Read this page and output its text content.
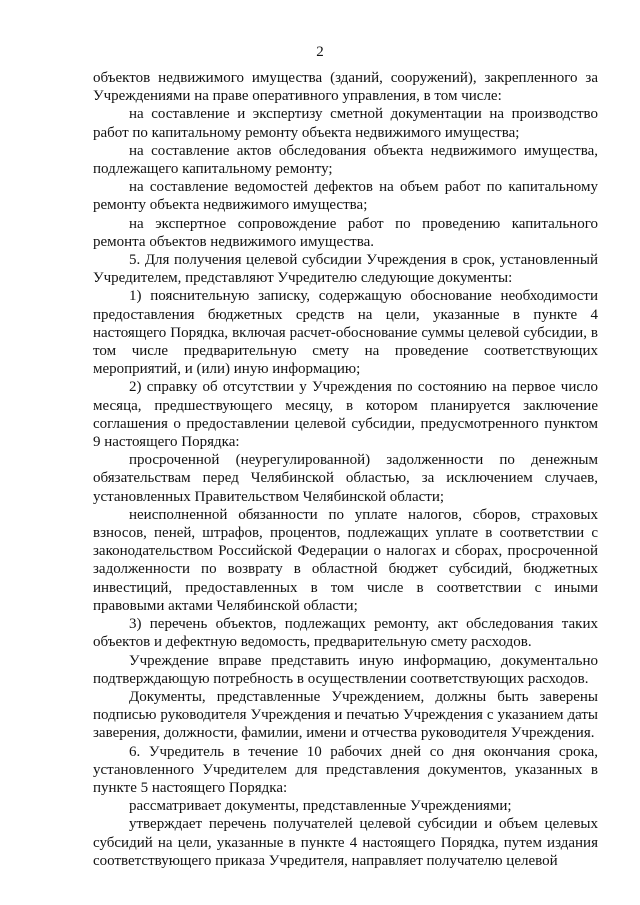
2

объектов недвижимого имущества (зданий, сооружений), закрепленного за Учреждениями на праве оперативного управления, в том числе:

на составление и экспертизу сметной документации на производство работ по капитальному ремонту объекта недвижимого имущества;

на составление актов обследования объекта недвижимого имущества, подлежащего капитальному ремонту;

на составление ведомостей дефектов на объем работ по капитальному ремонту объекта недвижимого имущества;

на экспертное сопровождение работ по проведению капитального ремонта объектов недвижимого имущества.

5. Для получения целевой субсидии Учреждения в срок, установленный Учредителем, представляют Учредителю следующие документы:

1) пояснительную записку, содержащую обоснование необходимости предоставления бюджетных средств на цели, указанные в пункте 4 настоящего Порядка, включая расчет-обоснование суммы целевой субсидии, в том числе предварительную смету на проведение соответствующих мероприятий, и (или) иную информацию;

2) справку об отсутствии у Учреждения по состоянию на первое число месяца, предшествующего месяцу, в котором планируется заключение соглашения о предоставлении целевой субсидии, предусмотренного пунктом 9 настоящего Порядка:

просроченной (неурегулированной) задолженности по денежным обязательствам перед Челябинской областью, за исключением случаев, установленных Правительством Челябинской области;

неисполненной обязанности по уплате налогов, сборов, страховых взносов, пеней, штрафов, процентов, подлежащих уплате в соответствии с законодательством Российской Федерации о налогах и сборах, просроченной задолженности по возврату в областной бюджет субсидий, бюджетных инвестиций, предоставленных в том числе в соответствии с иными правовыми актами Челябинской области;

3) перечень объектов, подлежащих ремонту, акт обследования таких объектов и дефектную ведомость, предварительную смету расходов.

Учреждение вправе представить иную информацию, документально подтверждающую потребность в осуществлении соответствующих расходов.

Документы, представленные Учреждением, должны быть заверены подписью руководителя Учреждения и печатью Учреждения с указанием даты заверения, должности, фамилии, имени и отчества руководителя Учреждения.

6. Учредитель в течение 10 рабочих дней со дня окончания срока, установленного Учредителем для представления документов, указанных в пункте 5 настоящего Порядка:

рассматривает документы, представленные Учреждениями;

утверждает перечень получателей целевой субсидии и объем целевых субсидий на цели, указанные в пункте 4 настоящего Порядка, путем издания соответствующего приказа Учредителя, направляет получателю целевой
